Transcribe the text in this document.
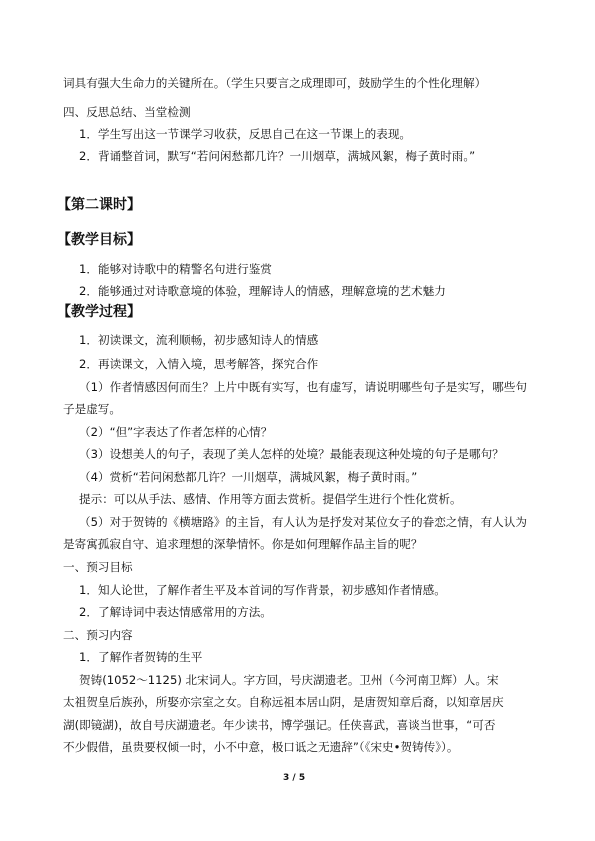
词具有强大生命力的关键所在。（学生只要言之成理即可，鼓励学生的个性化理解）
四、反思总结、当堂检测
1．学生写出这一节课学习收获，反思自己在这一节课上的表现。
2．背诵整首词，默写“若问闲愁都几许？一川烟草，满城风絮，梅子黄时雨。”
【第二课时】
【教学目标】
1．能够对诗歌中的精警名句进行鉴赏
2．能够通过对诗歌意境的体验，理解诗人的情感，理解意境的艺术魅力
【教学过程】
1．初读课文，流利顺畅，初步感知诗人的情感
2．再读课文，入情入境，思考解答，探究合作
（1）作者情感因何而生？上片中既有实写，也有虚写，请说明哪些句子是实写，哪些句
子是虚写。
（2）“但”字表达了作者怎样的心情？
（3）设想美人的句子，表现了美人怎样的处境？最能表现这种处境的句子是哪句？
（4）赏析“若问闲愁都几许？一川烟草，满城风絮，梅子黄时雨。”
提示：可以从手法、感情、作用等方面去赏析。提倡学生进行个性化赏析。
（5）对于贺铸的《横塘路》的主旨，有人认为是抒发对某位女子的眷恋之情，有人认为
是寄寓孤寂自守、追求理想的深挚情怀。你是如何理解作品主旨的呢？
一、预习目标
1．知人论世，了解作者生平及本首词的写作背景，初步感知作者情感。
2．了解诗词中表达情感常用的方法。
二、预习内容
1．了解作者贺铸的生平
贺铸(1052～1125) 北宋词人。字方回，号庆湖遗老。卫州（今河南卫辉）人。宋
太祖贺皇后族孙，所娶亦宗室之女。自称远祖本居山阴，是唐贺知章后裔，以知章居庆
湖(即镜湖)，故自号庆湖遗老。年少读书，博学强记。任侠喜武，喜谈当世事，“可否
不少假借，虽贵要权倾一时，小不中意，极口诋之无遗辞”（《宋史•贺铸传》）。
3 / 5
